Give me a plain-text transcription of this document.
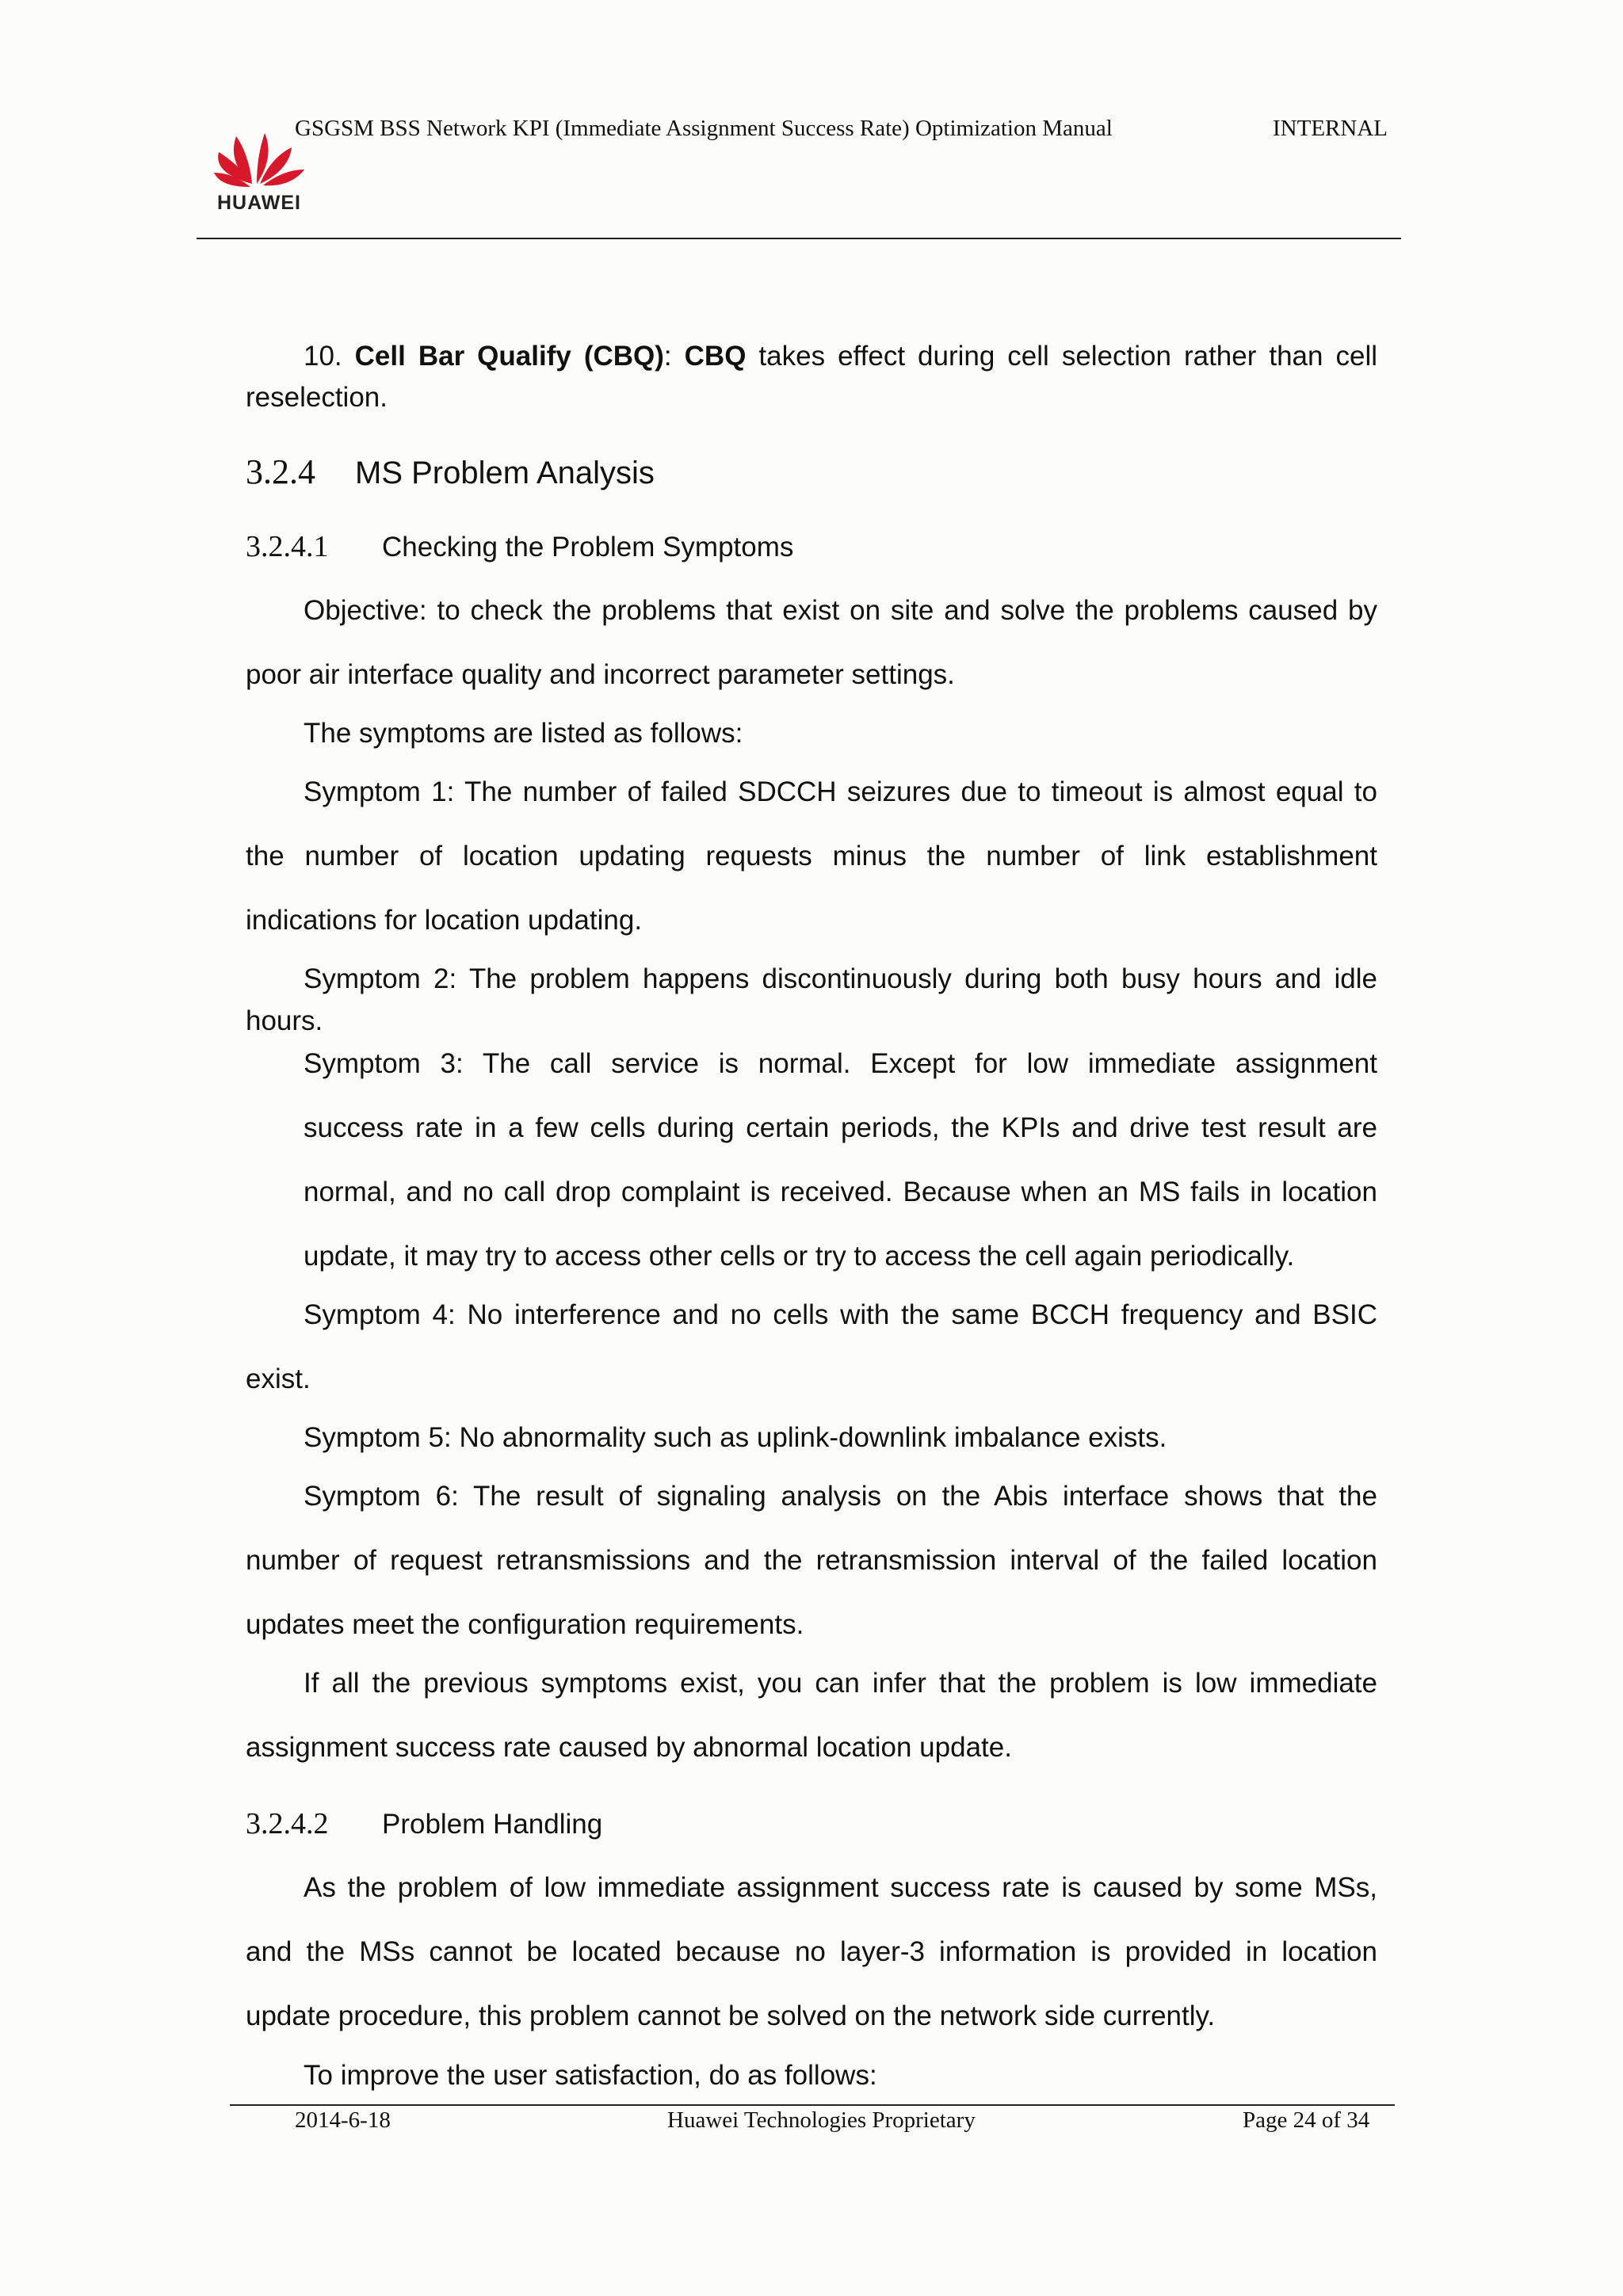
HUAWEI
GSGSM BSS Network KPI (Immediate Assignment Success Rate) Optimization Manual	INTERNAL
10. Cell Bar Qualify (CBQ): CBQ takes effect during cell selection rather than cell
reselection.
3.2.4 MS Problem Analysis
3.2.4.1 Checking the Problem Symptoms
Objective: to check the problems that exist on site and solve the problems caused by
poor air interface quality and incorrect parameter settings.
The symptoms are listed as follows:
Symptom 1: The number of failed SDCCH seizures due to timeout is almost equal to
the number of location updating requests minus the number of link establishment
indications for location updating.
Symptom 2: The problem happens discontinuously during both busy hours and idle
hours.
Symptom 3: The call service is normal. Except for low immediate assignment
success rate in a few cells during certain periods, the KPIs and drive test result are
normal, and no call drop complaint is received. Because when an MS fails in location
update, it may try to access other cells or try to access the cell again periodically.
Symptom 4: No interference and no cells with the same BCCH frequency and BSIC
exist.
Symptom 5: No abnormality such as uplink-downlink imbalance exists.
Symptom 6: The result of signaling analysis on the Abis interface shows that the
number of request retransmissions and the retransmission interval of the failed location
updates meet the configuration requirements.
If all the previous symptoms exist, you can infer that the problem is low immediate
assignment success rate caused by abnormal location update.
3.2.4.2 Problem Handling
As the problem of low immediate assignment success rate is caused by some MSs,
and the MSs cannot be located because no layer-3 information is provided in location
update procedure, this problem cannot be solved on the network side currently.
To improve the user satisfaction, do as follows:
2014-6-18	Huawei Technologies Proprietary	Page 24 of 34
